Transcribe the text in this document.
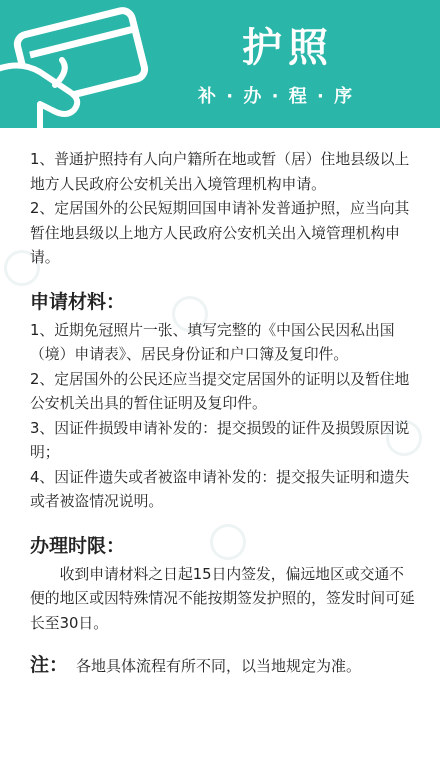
护照
补 · 办 · 程 · 序

1、普通护照持有人向户籍所在地或暂（居）住地县级以上地方人民政府公安机关出入境管理机构申请。

2、定居国外的公民短期回国申请补发普通护照，应当向其暂住地县级以上地方人民政府公安机关出入境管理机构申请。

申请材料：

1、近期免冠照片一张、填写完整的《中国公民因私出国（境）申请表》、居民身份证和户口簿及复印件。

2、定居国外的公民还应当提交定居国外的证明以及暂住地公安机关出具的暂住证明及复印件。

3、因证件损毁申请补发的：提交损毁的证件及损毁原因说明；

4、因证件遗失或者被盗申请补发的：提交报失证明和遗失或者被盗情况说明。

办理时限：

收到申请材料之日起15日内签发，偏远地区或交通不便的地区或因特殊情况不能按期签发护照的，签发时间可延长至30日。

注： 各地具体流程有所不同，以当地规定为准。
